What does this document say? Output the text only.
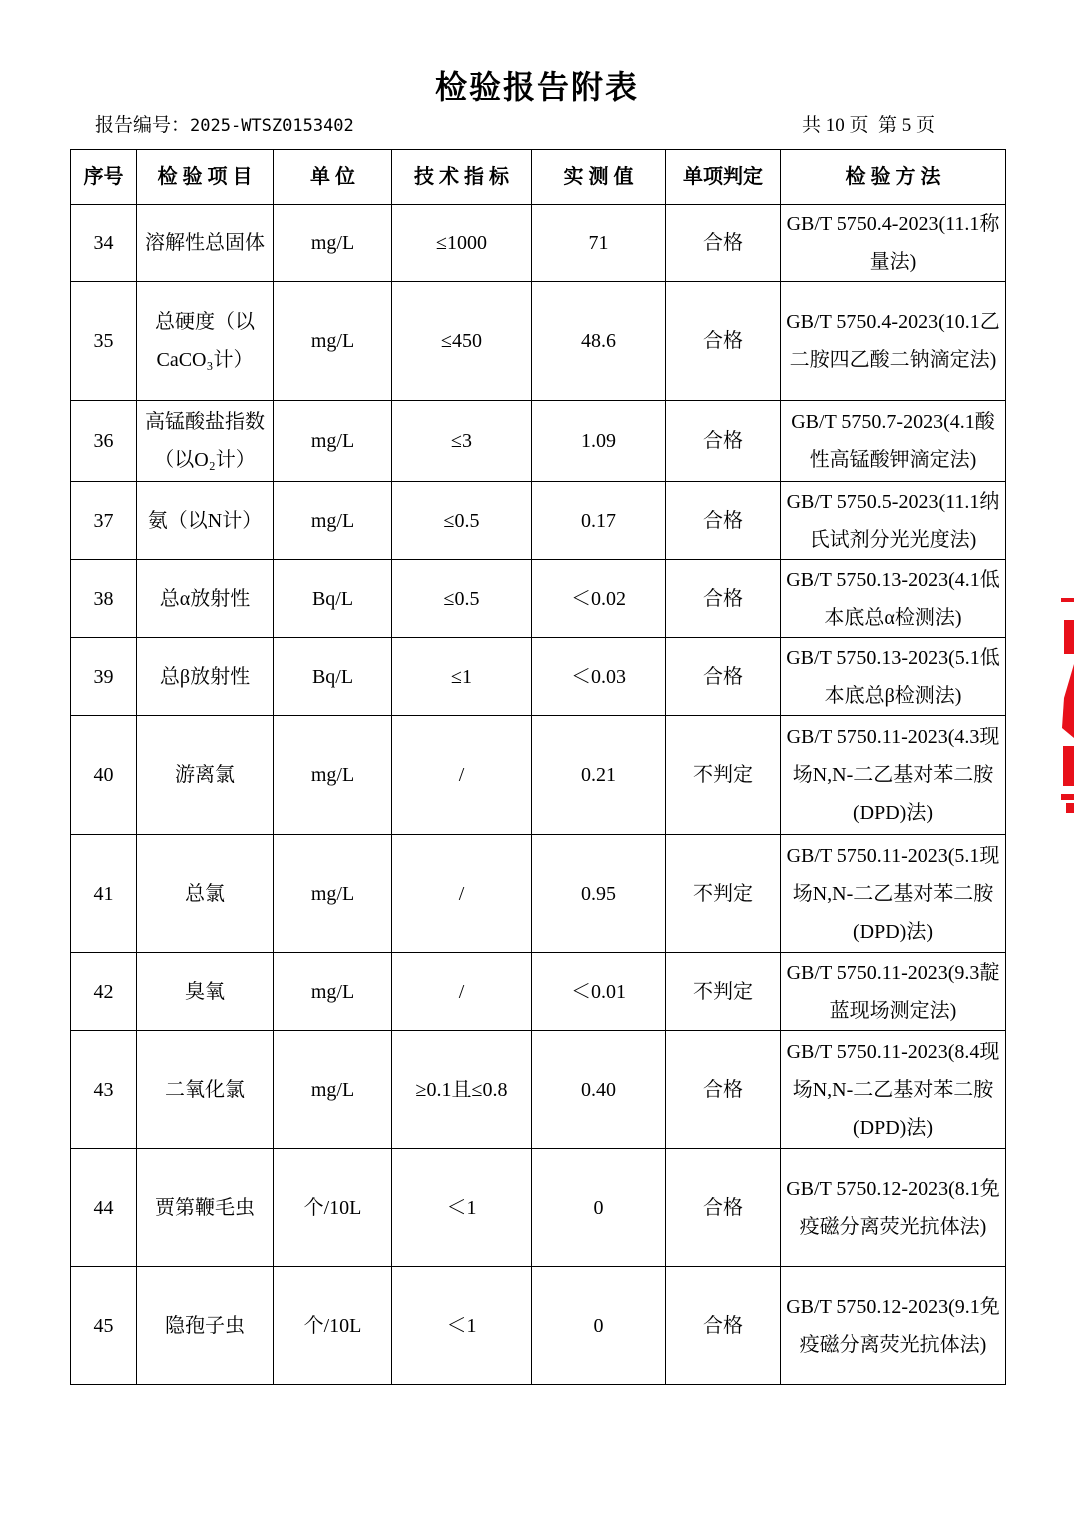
检验报告附表
报告编号：2025-WTSZ0153402	共 10 页  第 5 页
序号	检 验 项 目	单 位	技 术 指 标	实 测 值	单项判定	检 验 方 法
34	溶解性总固体	mg/L	≤1000	71	合格	GB/T 5750.4-2023(11.1称量法)
35	总硬度（以CaCO₃计）	mg/L	≤450	48.6	合格	GB/T 5750.4-2023(10.1乙二胺四乙酸二钠滴定法)
36	高锰酸盐指数（以O₂计）	mg/L	≤3	1.09	合格	GB/T 5750.7-2023(4.1酸性高锰酸钾滴定法)
37	氨（以N计）	mg/L	≤0.5	0.17	合格	GB/T 5750.5-2023(11.1纳氏试剂分光光度法)
38	总α放射性	Bq/L	≤0.5	＜0.02	合格	GB/T 5750.13-2023(4.1低本底总α检测法)
39	总β放射性	Bq/L	≤1	＜0.03	合格	GB/T 5750.13-2023(5.1低本底总β检测法)
40	游离氯	mg/L	/	0.21	不判定	GB/T 5750.11-2023(4.3现场N,N-二乙基对苯二胺(DPD)法)
41	总氯	mg/L	/	0.95	不判定	GB/T 5750.11-2023(5.1现场N,N-二乙基对苯二胺(DPD)法)
42	臭氧	mg/L	/	＜0.01	不判定	GB/T 5750.11-2023(9.3靛蓝现场测定法)
43	二氧化氯	mg/L	≥0.1且≤0.8	0.40	合格	GB/T 5750.11-2023(8.4现场N,N-二乙基对苯二胺(DPD)法)
44	贾第鞭毛虫	个/10L	＜1	0	合格	GB/T 5750.12-2023(8.1免疫磁分离荧光抗体法)
45	隐孢子虫	个/10L	＜1	0	合格	GB/T 5750.12-2023(9.1免疫磁分离荧光抗体法)
